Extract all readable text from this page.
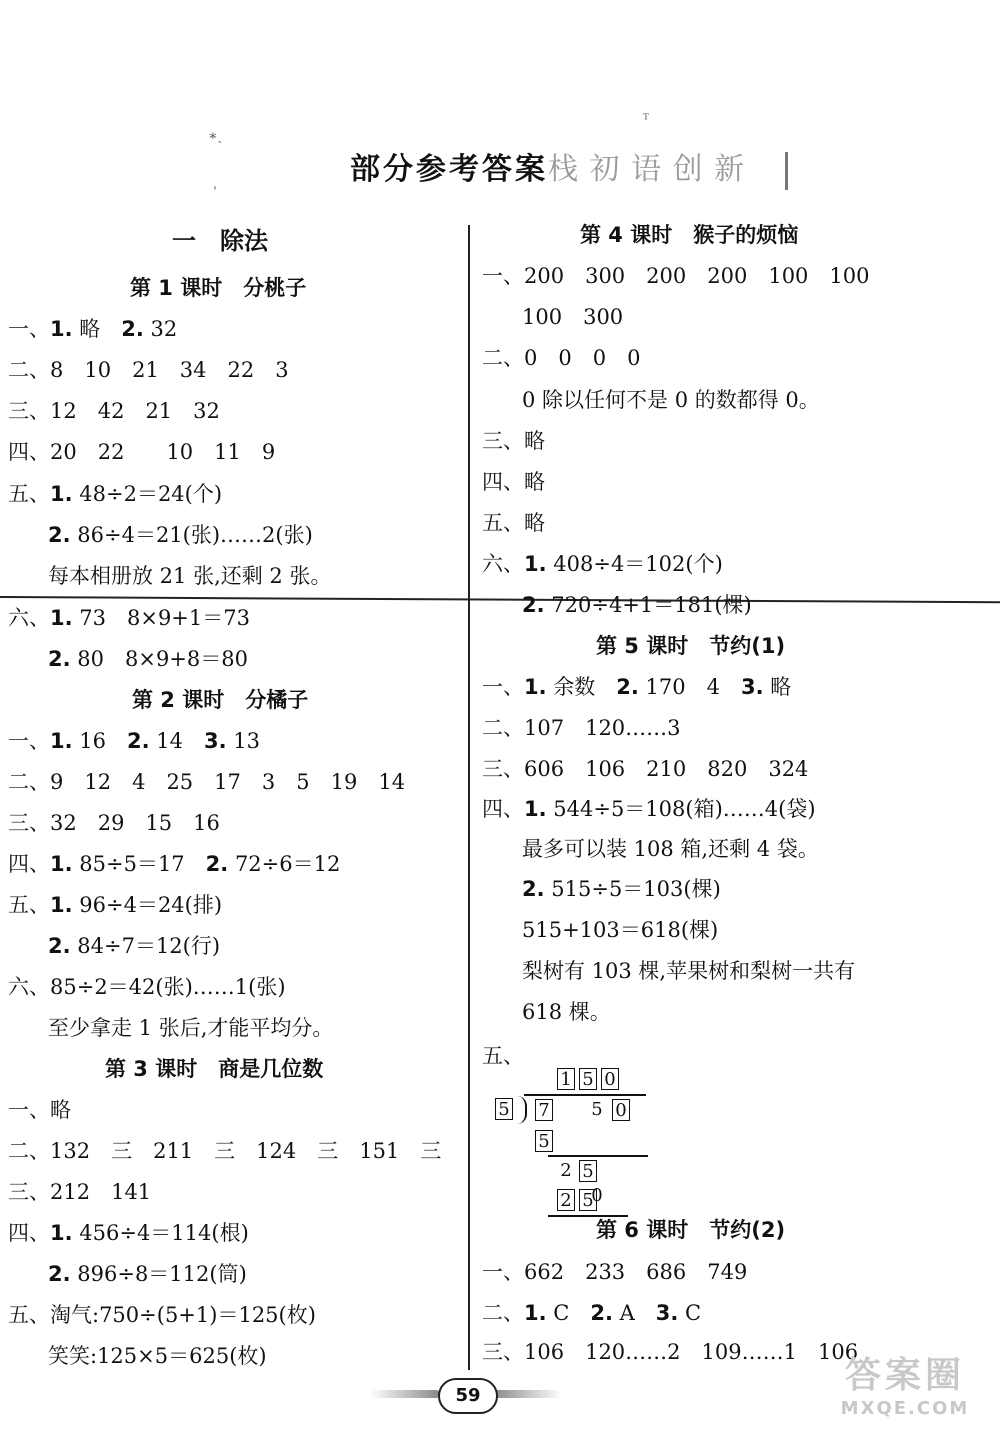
∗ˎ
ˈ
ᵀ
部分参考答案栈 初 语 创 新
一　除法
第 1 课时　分桃子
一、1. 略　2. 32
二、8　10　21　34　22　3
三、12　42　21　32
四、20　22　　10　11　9
五、1. 48÷2＝24(个)
2. 86÷4＝21(张)……2(张)
每本相册放 21 张,还剩 2 张。
六、1. 73　8×9+1＝73
2. 80　8×9+8＝80
第 2 课时　分橘子
一、1. 16　2. 14　3. 13
二、9　12　4　25　17　3　5　19　14
三、32　29　15　16
四、1. 85÷5＝17　2. 72÷6＝12
五、1. 96÷4＝24(排)
2. 84÷7＝12(行)
六、85÷2＝42(张)……1(张)
至少拿走 1 张后,才能平均分。
第 3 课时　商是几位数
一、略
二、132　三　211　三　124　三　151　三
三、212　141
四、1. 456÷4＝114(根)
2. 896÷8＝112(筒)
五、淘气:750÷(5+1)＝125(枚)
笑笑:125×5＝625(枚)
第 4 课时　猴子的烦恼
一、200　300　200　200　100　100
100　300
二、0　0　0　0
0 除以任何不是 0 的数都得 0。
三、略
四、略
五、略
六、1. 408÷4＝102(个)
2. 720÷4+1＝181(棵)
第 5 课时　节约(1)
一、1. 余数　2. 170　4　3. 略
二、107　120……3
三、606　106　210　820　324
四、1. 544÷5＝108(箱)……4(袋)
最多可以装 108 箱,还剩 4 袋。
2. 515÷5＝103(棵)
515+103＝618(棵)
梨树有 103 棵,苹果树和梨树一共有
618 棵。
五、
1 5 0
5 7 5 0
5
2 5
2 5
0
第 6 课时　节约(2)
一、662　233　686　749
二、1. C　2. A　3. C
三、106　120……2　109……1　106
59	答案圈
MXQE.COM
